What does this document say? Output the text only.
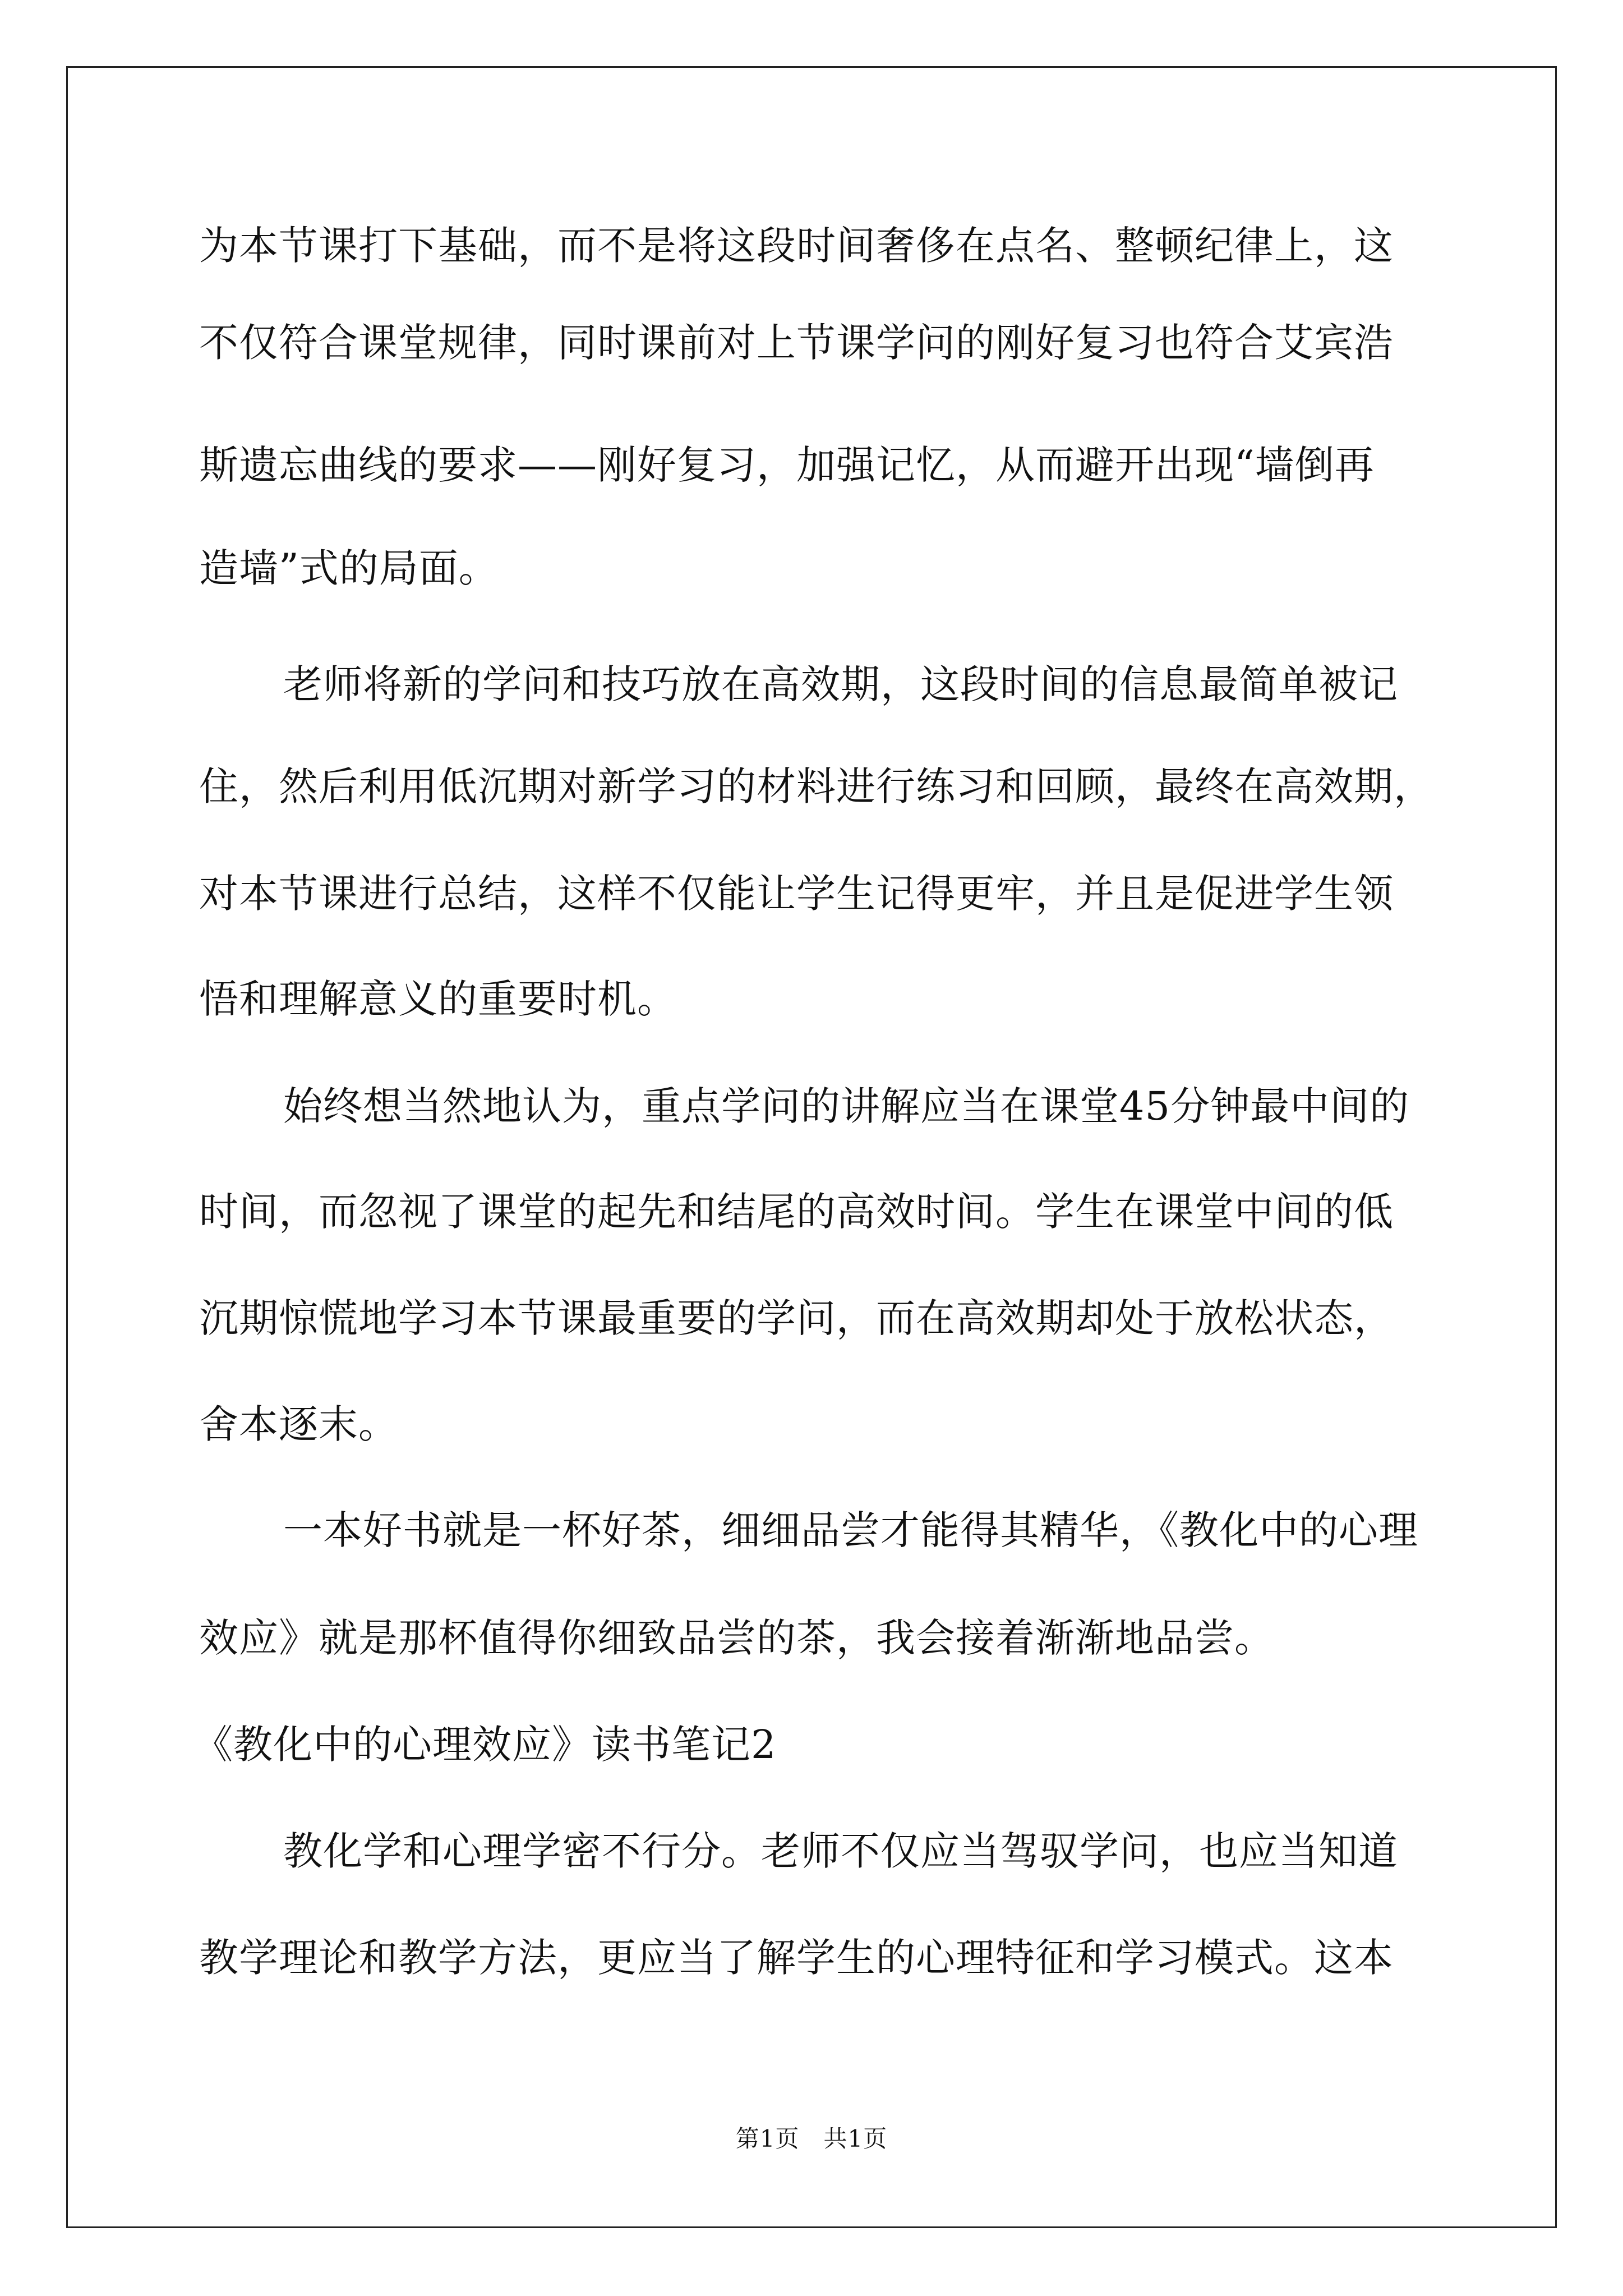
为本节课打下基础，而不是将这段时间奢侈在点名、整顿纪律上，这
不仅符合课堂规律，同时课前对上节课学问的刚好复习也符合艾宾浩
斯遗忘曲线的要求——刚好复习，加强记忆，从而避开出现“墙倒再
造墙”式的局面。
老师将新的学问和技巧放在高效期，这段时间的信息最简单被记
住，然后利用低沉期对新学习的材料进行练习和回顾，最终在高效期，
对本节课进行总结，这样不仅能让学生记得更牢，并且是促进学生领
悟和理解意义的重要时机。
始终想当然地认为，重点学问的讲解应当在课堂45分钟最中间的
时间，而忽视了课堂的起先和结尾的高效时间。学生在课堂中间的低
沉期惊慌地学习本节课最重要的学问，而在高效期却处于放松状态，
舍本逐末。
一本好书就是一杯好茶，细细品尝才能得其精华，《教化中的心理
效应》就是那杯值得你细致品尝的茶，我会接着渐渐地品尝。
《教化中的心理效应》读书笔记2
教化学和心理学密不行分。老师不仅应当驾驭学问，也应当知道
教学理论和教学方法，更应当了解学生的心理特征和学习模式。这本
第1页　共1页
